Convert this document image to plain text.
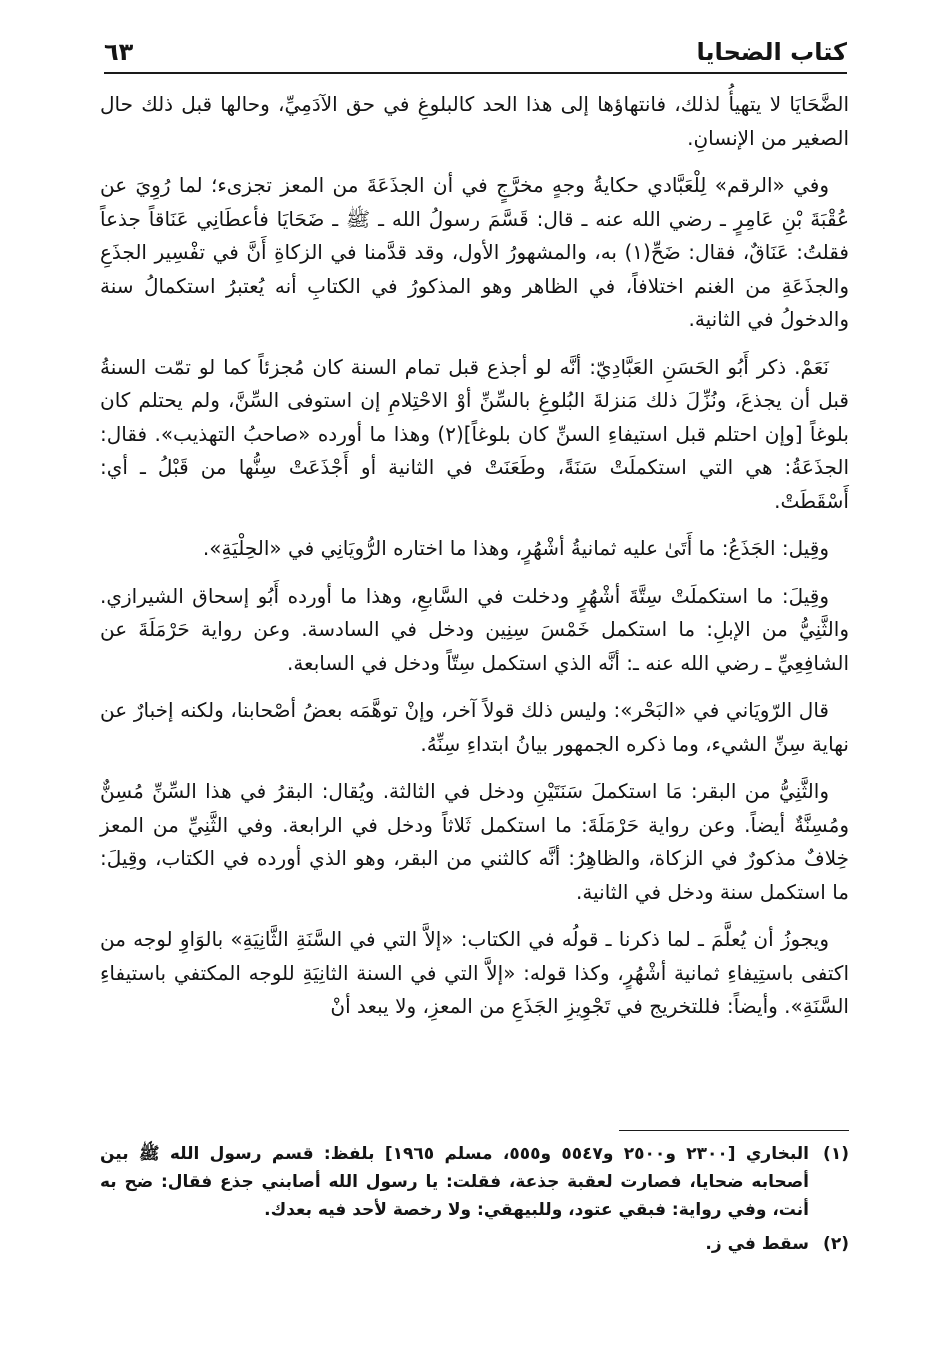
كتاب الضحايا
٦٣

الضَّحَايَا لا يتهيأُ لذلك، فانتهاؤها إلى هذا الحد كالبلوغِ في حق الآدَمِيِّ، وحالها قبل ذلك حال الصغير من الإنسانِ.

وفي «الرقم» لِلْعَبَّادي حكايةُ وجهٍ مخرَّجٍ في أن الجذَعَةَ من المعز تجزىء؛ لما رُوِيَ عن عُقْبَةَ بْنِ عَامِرٍ ـ رضي الله عنه ـ قال: قَسَّمَ رسولُ الله ـ ﷺ ـ ضَحَايَا فأعطَانِي عَنَاقاً جذعاً فقلتُ: عَنَاقٌ، فقال: ضَحِّ(١) به، والمشهورُ الأول، وقد قدَّمنا في الزكاةِ أَنَّ في تفْسِير الجذَعِ والجذَعَةِ من الغنم اختلافاً، في الظاهر وهو المذكورُ في الكتابِ أنه يُعتبرُ استكمالُ سنة والدخولُ في الثانية.

نَعَمْ. ذكر أَبُو الحَسَنِ العَبَّادِيّ: أنَّه لو أجذع قبل تمام السنة كان مُجزئاً كما لو تمّت السنةُ قبل أن يجذعَ، ونُزِّلَ ذلك مَنزلةَ البُلوغِ بالسِّنِّ أوْ الاحْتِلامِ إن استوفى السِّنَّ، ولم يحتلم كان بلوغاً [وإن احتلم قبل استيفاءِ السنِّ كان بلوغاً](٢) وهذا ما أورده «صاحبُ التهذيب». فقال: الجذَعَةُ: هي التي استكملَتْ سَنَةً، وطَعَنَتْ في الثانية أو أَجْذَعَتْ سِنُّها من قَبْلُ ـ أي: أَسْقَطَتْ.

وقِيل: الجَذَعُ: ما أَتَىٰ عليه ثمانيةُ أشْهُرٍ، وهذا ما اختاره الرُّويَانِي في «الحِلْيَةِ».

وقِيلَ: ما استكملَتْ سِتَّةَ أشْهُرٍ ودخلت في السَّابعِ، وهذا ما أورده أَبُو إسحاق الشيرازي. والثَّنِيُّ من الإبلِ: ما استكمل خَمْسَ سِنِين ودخل في السادسة. وعن رواية حَرْمَلَةَ عن الشافِعِيِّ ـ رضي الله عنه ـ: أنَّه الذي استكمل سِتّاً ودخل في السابعة.

قال الرّويَاني في «البَحْر»: وليس ذلك قولاً آخر، وإنْ توهَّمَه بعضُ أصْحابنا، ولكنه إخبارٌ عن نهاية سِنِّ الشيء، وما ذكره الجمهور بيانُ ابتداءِ سِنِّهُ.

والثَّنِيُّ من البقر: مَا استكملَ سَنَتَيْنِ ودخل في الثالثة. ويُقال: البقرُ في هذا السِّنِّ مُسِنٌّ ومُسِنَّةٌ أيضاً. وعن رواية حَرْمَلَةَ: ما استكمل ثَلاثاً ودخل في الرابعة. وفي الثَّنِيِّ من المعز خِلافٌ مذكورٌ في الزكاة، والظاهِرُ: أنَّه كالثني من البقر، وهو الذي أورده في الكتاب، وقِيلَ: ما استكمل سنة ودخل في الثانية.

ويجوزُ أن يُعلَّمَ ـ لما ذكرنا ـ قولُه في الكتاب: «إلاَّ التي في السَّنَةِ الثَّانِيَةِ» بالوَاوِ لوجه من اكتفى باستِيفاءِ ثمانية أشْهُرٍ، وكذا قوله: «إلاَّ التي في السنة الثانِيَةِ للوجه المكتفي باستيفاءِ السَّنَةِ». وأيضاً: فللتخريج في تَجْوِيزِ الجَذَعِ من المعزِ، ولا يبعد أنْ

(١)
البخاري [٢٣٠٠ و٢٥٠٠ و٥٥٤٧ و٥٥٥، مسلم ١٩٦٥] بلفظ: قسم رسول الله ﷺ بين أصحابه ضحايا، فصارت لعقبة جذعة، فقلت: يا رسول الله أصابني جذع فقال: ضح به أنت، وفي رواية: فبقي عتود، وللبيهقي: ولا رخصة لأحد فيه بعدك.
(٢)
سقط في ز.
